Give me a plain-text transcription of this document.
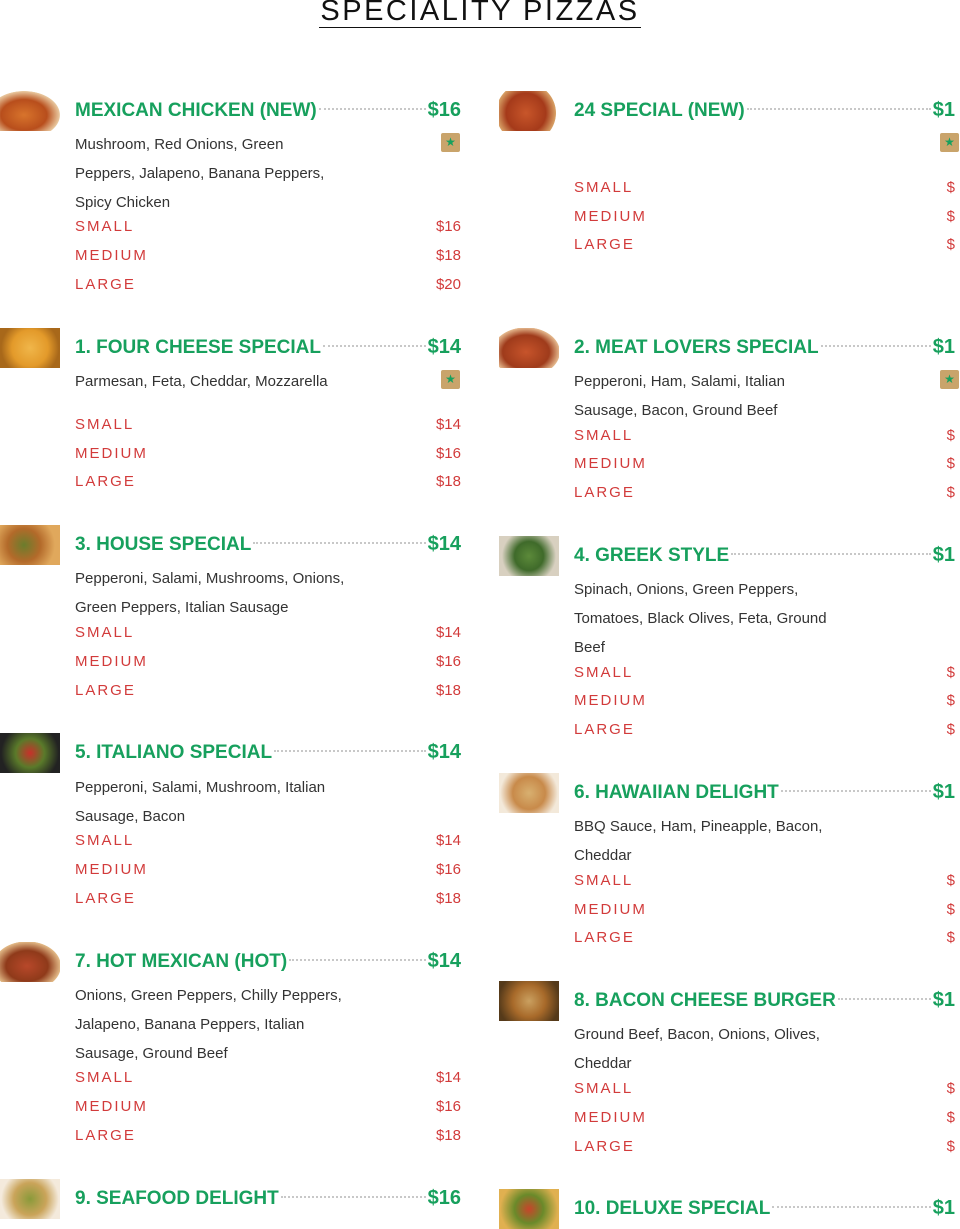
SPECIALITY PIZZAS
MEXICAN CHICKEN (NEW)	$16
★
Mushroom, Red Onions, Green Peppers, Jalapeno, Banana Peppers, Spicy Chicken
SMALL	$16
MEDIUM	$18
LARGE	$20
24 SPECIAL (NEW)	$1
★
SMALL	$
MEDIUM	$
LARGE	$
1. FOUR CHEESE SPECIAL	$14
★
Parmesan, Feta, Cheddar, Mozzarella
SMALL	$14
MEDIUM	$16
LARGE	$18
2. MEAT LOVERS SPECIAL	$1
★
Pepperoni, Ham, Salami, Italian Sausage, Bacon, Ground Beef
SMALL	$
MEDIUM	$
LARGE	$
3. HOUSE SPECIAL	$14
Pepperoni, Salami, Mushrooms, Onions, Green Peppers, Italian Sausage
SMALL	$14
MEDIUM	$16
LARGE	$18
4. GREEK STYLE	$1
Spinach, Onions, Green Peppers, Tomatoes, Black Olives, Feta, Ground Beef
SMALL	$
MEDIUM	$
LARGE	$
5. ITALIANO SPECIAL	$14
Pepperoni, Salami, Mushroom, Italian Sausage, Bacon
SMALL	$14
MEDIUM	$16
LARGE	$18
6. HAWAIIAN DELIGHT	$1
BBQ Sauce, Ham, Pineapple, Bacon, Cheddar
SMALL	$
MEDIUM	$
LARGE	$
7. HOT MEXICAN (HOT)	$14
Onions, Green Peppers, Chilly Peppers, Jalapeno, Banana Peppers, Italian Sausage, Ground Beef
SMALL	$14
MEDIUM	$16
LARGE	$18
8. BACON CHEESE BURGER	$1
Ground Beef, Bacon, Onions, Olives, Cheddar
SMALL	$
MEDIUM	$
LARGE	$
9. SEAFOOD DELIGHT	$16	10. DELUXE SPECIAL	$1
